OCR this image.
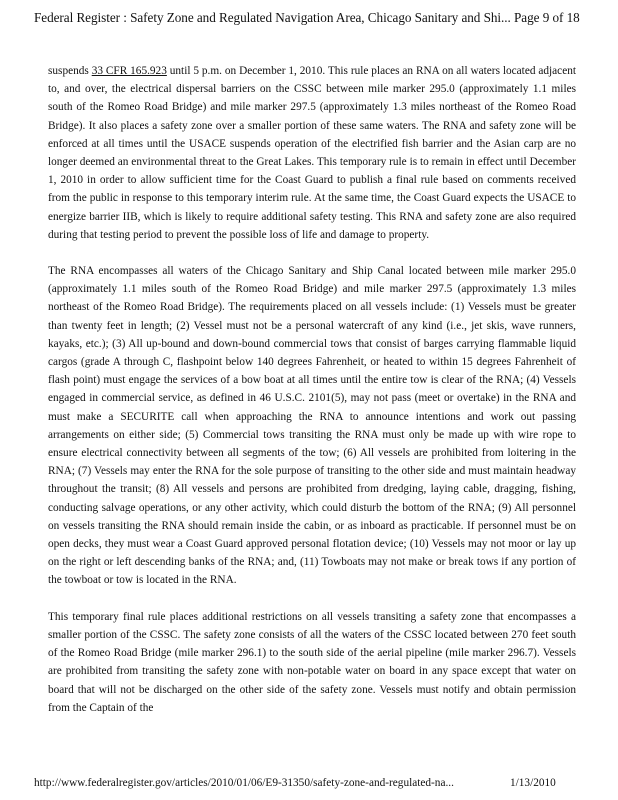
Federal Register : Safety Zone and Regulated Navigation Area, Chicago Sanitary and Shi... Page 9 of 18

suspends 33 CFR 165.923 until 5 p.m. on December 1, 2010. This rule places an RNA on all waters located adjacent to, and over, the electrical dispersal barriers on the CSSC between mile marker 295.0 (approximately 1.1 miles south of the Romeo Road Bridge) and mile marker 297.5 (approximately 1.3 miles northeast of the Romeo Road Bridge). It also places a safety zone over a smaller portion of these same waters. The RNA and safety zone will be enforced at all times until the USACE suspends operation of the electrified fish barrier and the Asian carp are no longer deemed an environmental threat to the Great Lakes. This temporary rule is to remain in effect until December 1, 2010 in order to allow sufficient time for the Coast Guard to publish a final rule based on comments received from the public in response to this temporary interim rule. At the same time, the Coast Guard expects the USACE to energize barrier IIB, which is likely to require additional safety testing. This RNA and safety zone are also required during that testing period to prevent the possible loss of life and damage to property.

The RNA encompasses all waters of the Chicago Sanitary and Ship Canal located between mile marker 295.0 (approximately 1.1 miles south of the Romeo Road Bridge) and mile marker 297.5 (approximately 1.3 miles northeast of the Romeo Road Bridge). The requirements placed on all vessels include: (1) Vessels must be greater than twenty feet in length; (2) Vessel must not be a personal watercraft of any kind (i.e., jet skis, wave runners, kayaks, etc.); (3) All up-bound and down-bound commercial tows that consist of barges carrying flammable liquid cargos (grade A through C, flashpoint below 140 degrees Fahrenheit, or heated to within 15 degrees Fahrenheit of flash point) must engage the services of a bow boat at all times until the entire tow is clear of the RNA; (4) Vessels engaged in commercial service, as defined in 46 U.S.C. 2101(5), may not pass (meet or overtake) in the RNA and must make a SECURITE call when approaching the RNA to announce intentions and work out passing arrangements on either side; (5) Commercial tows transiting the RNA must only be made up with wire rope to ensure electrical connectivity between all segments of the tow; (6) All vessels are prohibited from loitering in the RNA; (7) Vessels may enter the RNA for the sole purpose of transiting to the other side and must maintain headway throughout the transit; (8) All vessels and persons are prohibited from dredging, laying cable, dragging, fishing, conducting salvage operations, or any other activity, which could disturb the bottom of the RNA; (9) All personnel on vessels transiting the RNA should remain inside the cabin, or as inboard as practicable. If personnel must be on open decks, they must wear a Coast Guard approved personal flotation device; (10) Vessels may not moor or lay up on the right or left descending banks of the RNA; and, (11) Towboats may not make or break tows if any portion of the towboat or tow is located in the RNA.

This temporary final rule places additional restrictions on all vessels transiting a safety zone that encompasses a smaller portion of the CSSC. The safety zone consists of all the waters of the CSSC located between 270 feet south of the Romeo Road Bridge (mile marker 296.1) to the south side of the aerial pipeline (mile marker 296.7). Vessels are prohibited from transiting the safety zone with non-potable water on board in any space except that water on board that will not be discharged on the other side of the safety zone. Vessels must notify and obtain permission from the Captain of the

http://www.federalregister.gov/articles/2010/01/06/E9-31350/safety-zone-and-regulated-na...	1/13/2010
